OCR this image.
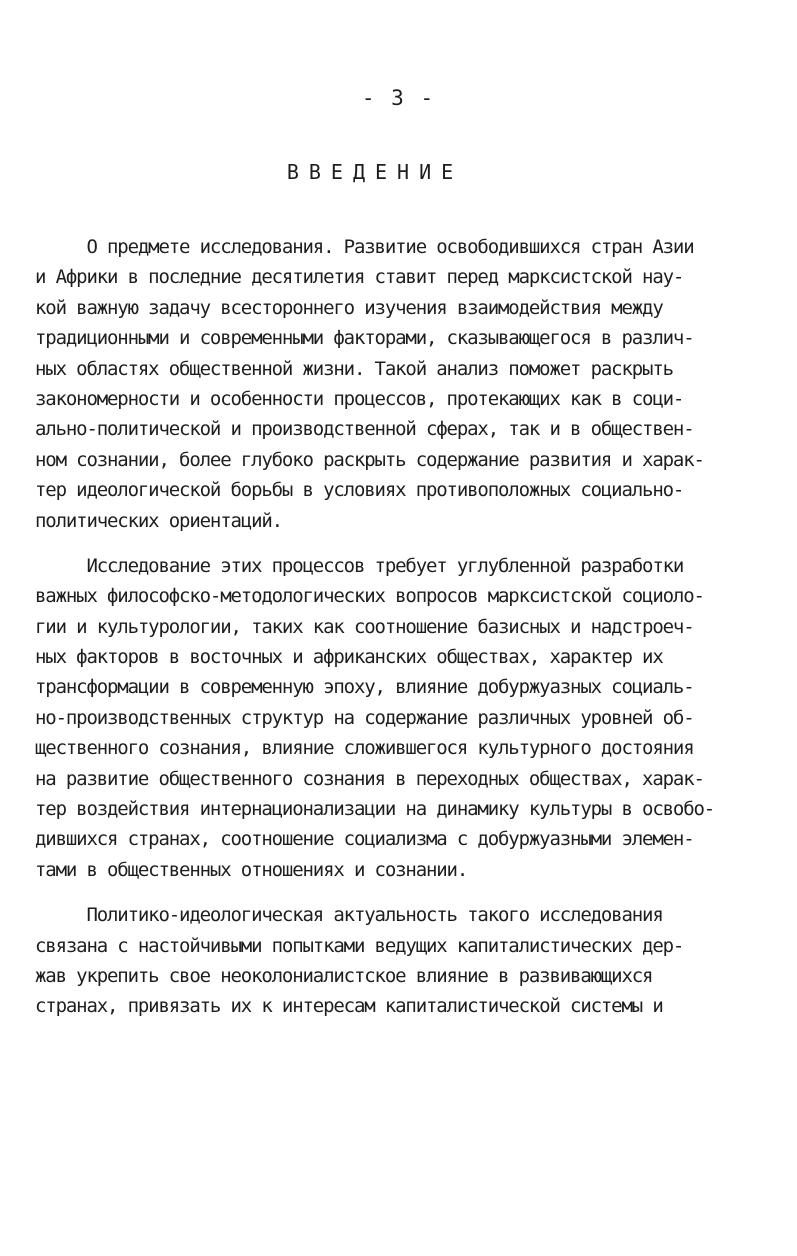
- 3 -
ВВЕДЕНИЕ
О предмете исследования. Развитие освободившихся стран Азии
и Африки в последние десятилетия ставит перед марксистской нау-
кой важную задачу всестороннего изучения взаимодействия между
традиционными и современными факторами, сказывающегося в различ-
ных областях общественной жизни. Такой анализ поможет раскрыть
закономерности и особенности процессов, протекающих как в соци-
ально-политической и производственной сферах, так и в обществен-
ном сознании, более глубоко раскрыть содержание развития и харак-
тер идеологической борьбы в условиях противоположных социально-
политических ориентаций.
Исследование этих процессов требует углубленной разработки
важных философско-методологических вопросов марксистской социоло-
гии и культурологии, таких как соотношение базисных и надстроеч-
ных факторов в восточных и африканских обществах, характер их
трансформации в современную эпоху, влияние добуржуазных социаль-
но-производственных структур на содержание различных уровней об-
щественного сознания, влияние сложившегося культурного достояния
на развитие общественного сознания в переходных обществах, харак-
тер воздействия интернационализации на динамику культуры в освобо-
дившихся странах, соотношение социализма с добуржуазными элемен-
тами в общественных отношениях и сознании.
Политико-идеологическая актуальность такого исследования
связана с настойчивыми попытками ведущих капиталистических дер-
жав укрепить свое неоколониалистское влияние в развивающихся
странах, привязать их к интересам капиталистической системы и
